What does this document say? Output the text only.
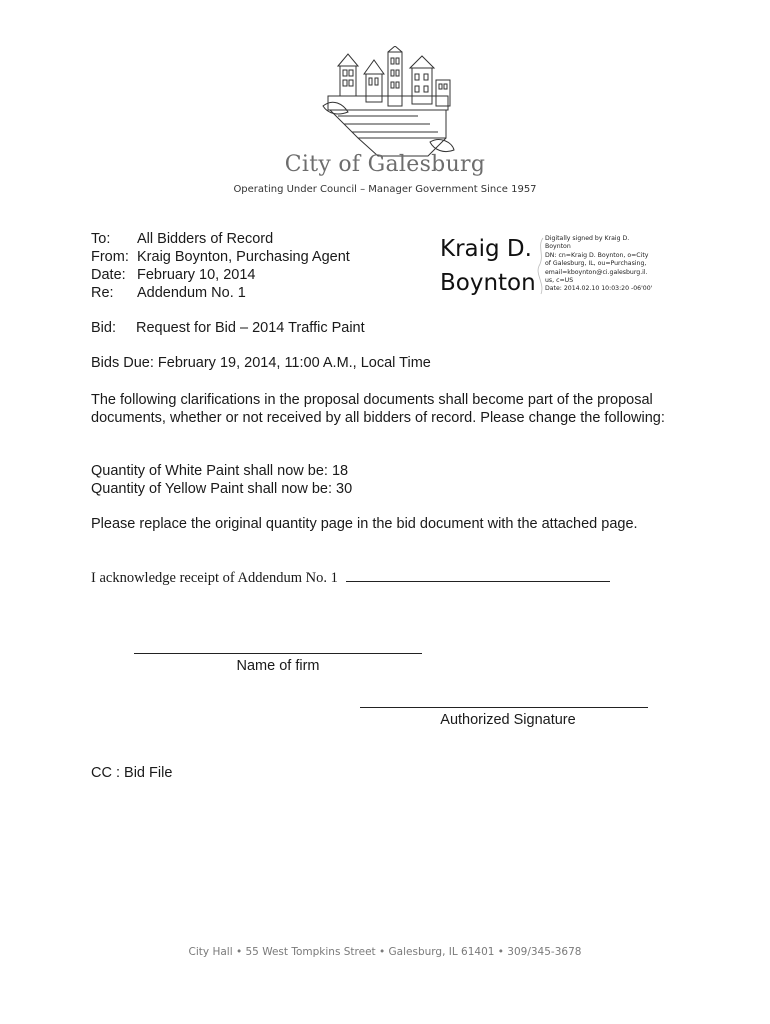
City of Galesburg
Operating Under Council – Manager Government Since 1957
To: All Bidders of Record
From: Kraig Boynton, Purchasing Agent
Date: February 10, 2014
Re: Addendum No. 1
Kraig D.
Boynton
Digitally signed by Kraig D.
Boynton
DN: cn=Kraig D. Boynton, o=City
of Galesburg, IL, ou=Purchasing,
email=kboynton@ci.galesburg.il.
us, c=US
Date: 2014.02.10 10:03:20 -06'00'
Bid: Request for Bid – 2014 Traffic Paint
Bids Due: February 19, 2014, 11:00 A.M., Local Time
The following clarifications in the proposal documents shall become part of the proposal documents, whether or not received by all bidders of record. Please change the following:
Quantity of White Paint shall now be: 18
Quantity of Yellow Paint shall now be: 30
Please replace the original quantity page in the bid document with the attached page.
I acknowledge receipt of Addendum No. 1
Name of firm
Authorized Signature
CC : Bid File
City Hall • 55 West Tompkins Street • Galesburg, IL 61401 • 309/345-3678
